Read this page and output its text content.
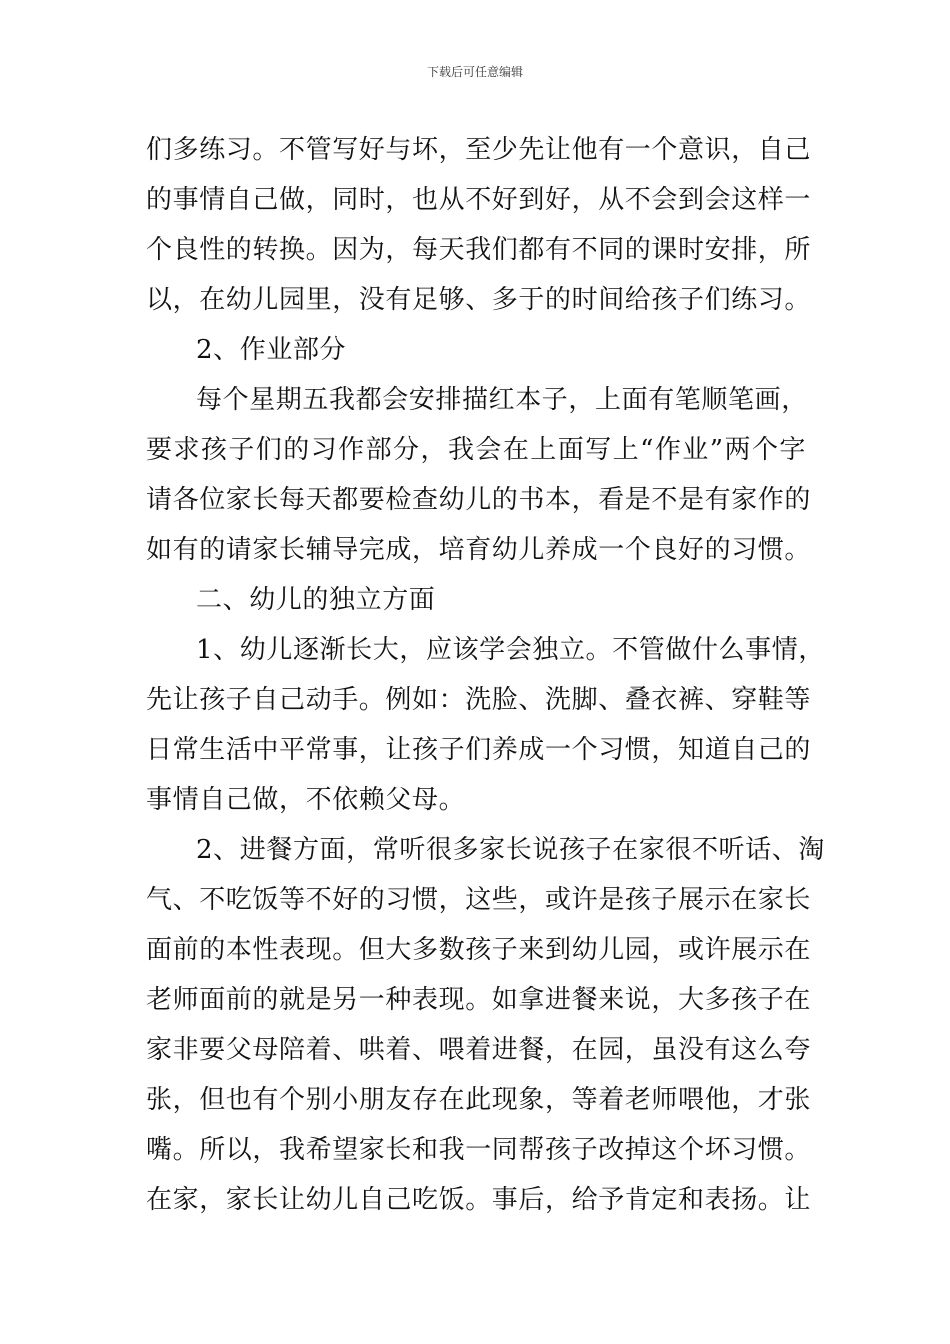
下载后可任意编辑
们多练习。不管写好与坏，至少先让他有一个意识，自己
的事情自己做，同时，也从不好到好，从不会到会这样一
个良性的转换。因为，每天我们都有不同的课时安排，所
以，在幼儿园里，没有足够、多于的时间给孩子们练习。
2、作业部分
每个星期五我都会安排描红本子，上面有笔顺笔画，
要求孩子们的习作部分，我会在上面写上“作业”两个字
请各位家长每天都要检查幼儿的书本，看是不是有家作的
如有的请家长辅导完成，培育幼儿养成一个良好的习惯。
二、幼儿的独立方面
1、幼儿逐渐长大，应该学会独立。不管做什么事情，
先让孩子自己动手。例如：洗脸、洗脚、叠衣裤、穿鞋等
日常生活中平常事，让孩子们养成一个习惯，知道自己的
事情自己做，不依赖父母。
2、进餐方面，常听很多家长说孩子在家很不听话、淘
气、不吃饭等不好的习惯，这些，或许是孩子展示在家长
面前的本性表现。但大多数孩子来到幼儿园，或许展示在
老师面前的就是另一种表现。如拿进餐来说，大多孩子在
家非要父母陪着、哄着、喂着进餐，在园，虽没有这么夸
张，但也有个别小朋友存在此现象，等着老师喂他，才张
嘴。所以，我希望家长和我一同帮孩子改掉这个坏习惯。
在家，家长让幼儿自己吃饭。事后，给予肯定和表扬。让
